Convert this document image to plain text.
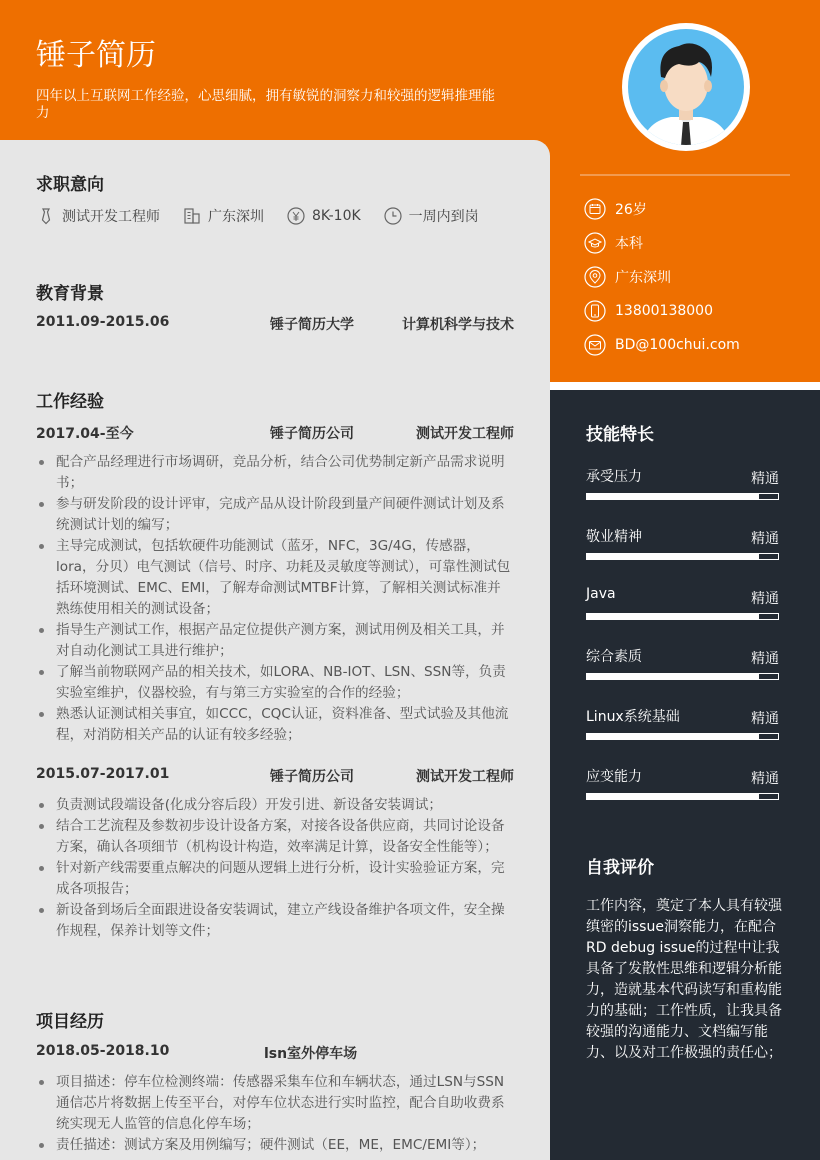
锤子简历

四年以上互联网工作经验，心思细腻，拥有敏锐的洞察力和较强的逻辑推理能力

26岁
本科
广东深圳
13800138000
BD@100chui.com
求职意向
测试开发工程师	广东深圳	8K-10K	一周内到岗
教育背景
2011.09-2015.06	锤子简历大学	计算机科学与技术
工作经验
2017.04-至今	锤子简历公司	测试开发工程师
配合产品经理进行市场调研，竞品分析，结合公司优势制定新产品需求说明书；
参与研发阶段的设计评审，完成产品从设计阶段到量产间硬件测试计划及系统测试计划的编写；
主导完成测试，包括软硬件功能测试（蓝牙，NFC，3G/4G，传感器，lora，分贝）电气测试（信号、时序、功耗及灵敏度等测试），可靠性测试包括环境测试、EMC、EMI，了解寿命测试MTBF计算，了解相关测试标准并熟练使用相关的测试设备；
指导生产测试工作，根据产品定位提供产测方案，测试用例及相关工具，并对自动化测试工具进行维护；
了解当前物联网产品的相关技术，如LORA、NB-IOT、LSN、SSN等，负责实验室维护，仪器校验，有与第三方实验室的合作的经验；
熟悉认证测试相关事宜，如CCC，CQC认证，资料准备、型式试验及其他流程，对消防相关产品的认证有较多经验；
2015.07-2017.01	锤子简历公司	测试开发工程师
负责测试段端设备(化成分容后段）开发引进、新设备安装调试；
结合工艺流程及参数初步设计设备方案，对接各设备供应商，共同讨论设备方案，确认各项细节（机构设计构造，效率满足计算，设备安全性能等）；
针对新产线需要重点解决的问题从逻辑上进行分析，设计实验验证方案，完成各项报告；
新设备到场后全面跟进设备安装调试，建立产线设备维护各项文件，安全操作规程，保养计划等文件；
项目经历
2018.05-2018.10	lsn室外停车场
项目描述：停车位检测终端：传感器采集车位和车辆状态，通过LSN与SSN通信芯片将数据上传至平台，对停车位状态进行实时监控，配合自助收费系统实现无人监管的信息化停车场；
责任描述：测试方案及用例编写；硬件测试（EE，ME，EMC/EMI等）；
技能特长
承受压力	精通
敬业精神	精通
Java	精通
综合素质	精通
Linux系统基础	精通
应变能力	精通
自我评价

工作内容，奠定了本人具有较强缜密的issue洞察能力，在配合RD debug issue的过程中让我具备了发散性思维和逻辑分析能力，造就基本代码读写和重构能力的基础；工作性质，让我具备较强的沟通能力、文档编写能力、以及对工作极强的责任心；
